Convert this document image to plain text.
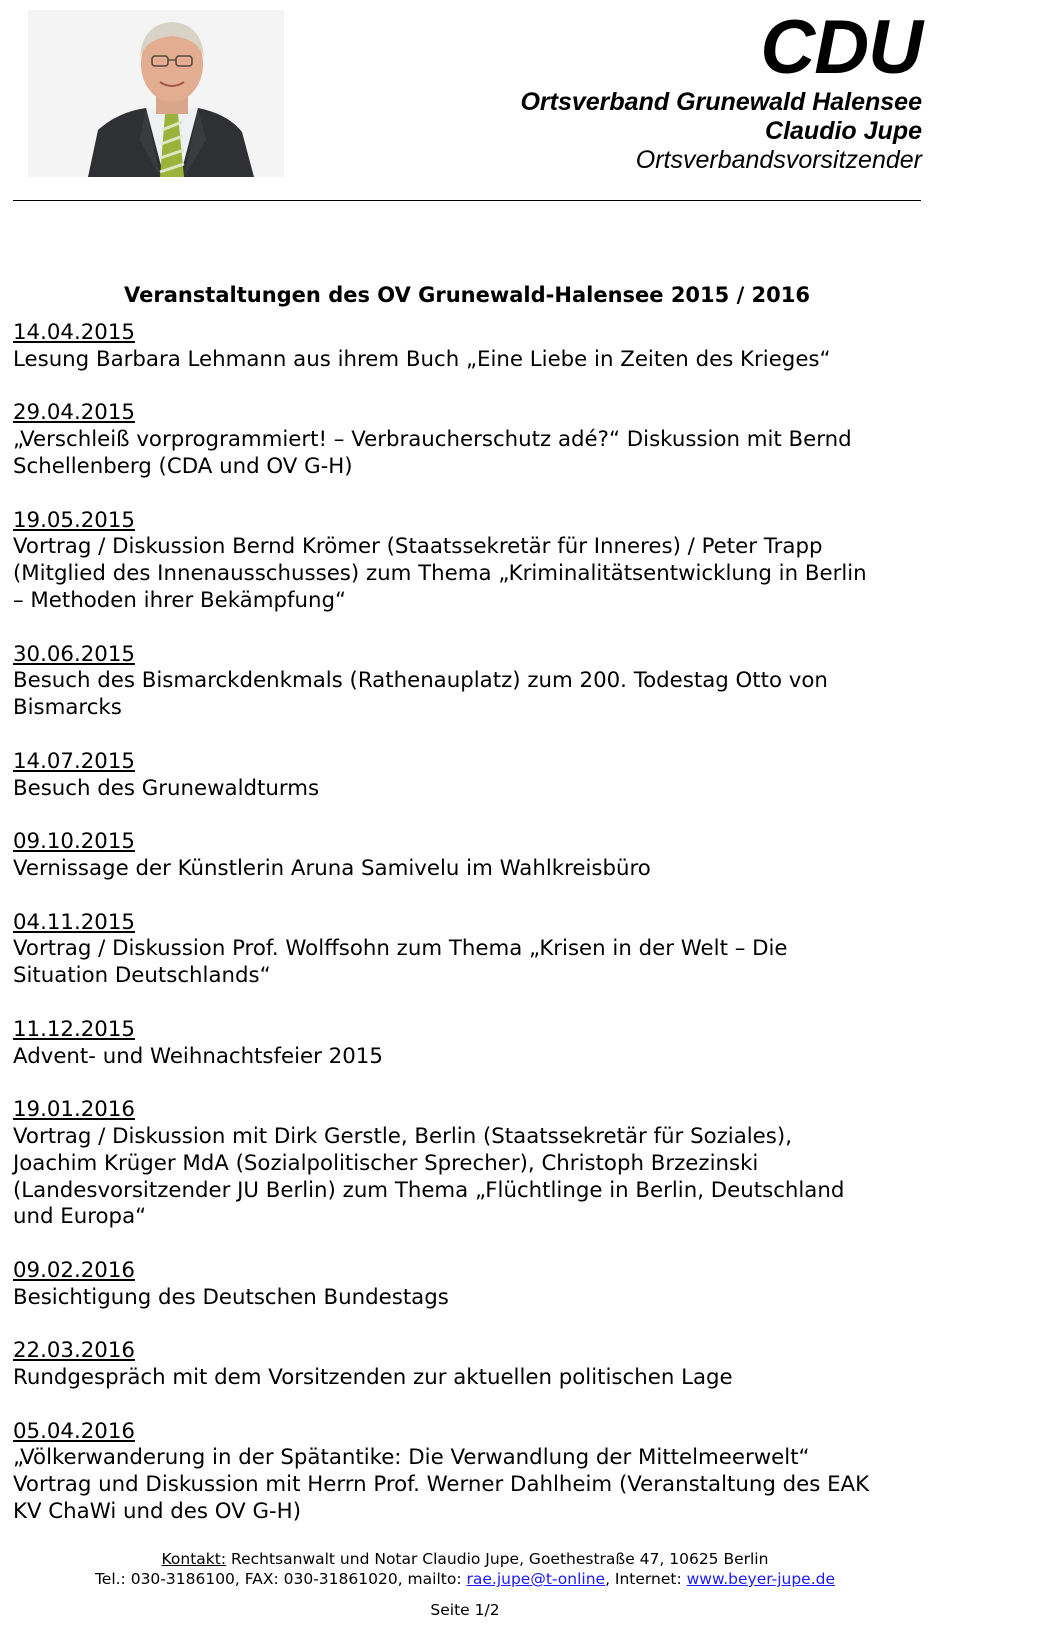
CDU
Ortsverband Grunewald Halensee
Claudio Jupe
Ortsverbandsvorsitzender
Veranstaltungen des OV Grunewald-Halensee 2015 / 2016
14.04.2015
Lesung Barbara Lehmann aus ihrem Buch „Eine Liebe in Zeiten des Krieges“
29.04.2015
„Verschleiß vorprogrammiert! – Verbraucherschutz adé?“ Diskussion mit Bernd
Schellenberg (CDA und OV G-H)
19.05.2015
Vortrag / Diskussion Bernd Krömer (Staatssekretär für Inneres) / Peter Trapp
(Mitglied des Innenausschusses) zum Thema „Kriminalitätsentwicklung in Berlin
– Methoden ihrer Bekämpfung“
30.06.2015
Besuch des Bismarckdenkmals (Rathenauplatz) zum 200. Todestag Otto von
Bismarcks
14.07.2015
Besuch des Grunewaldturms
09.10.2015
Vernissage der Künstlerin Aruna Samivelu im Wahlkreisbüro
04.11.2015
Vortrag / Diskussion Prof. Wolffsohn zum Thema „Krisen in der Welt – Die
Situation Deutschlands“
11.12.2015
Advent- und Weihnachtsfeier 2015
19.01.2016
Vortrag / Diskussion mit Dirk Gerstle, Berlin (Staatssekretär für Soziales),
Joachim Krüger MdA (Sozialpolitischer Sprecher), Christoph Brzezinski
(Landesvorsitzender JU Berlin) zum Thema „Flüchtlinge in Berlin, Deutschland
und Europa“
09.02.2016
Besichtigung des Deutschen Bundestags
22.03.2016
Rundgespräch mit dem Vorsitzenden zur aktuellen politischen Lage
05.04.2016
„Völkerwanderung in der Spätantike: Die Verwandlung der Mittelmeerwelt“
Vortrag und Diskussion mit Herrn Prof. Werner Dahlheim (Veranstaltung des EAK
KV ChaWi und des OV G-H)
Kontakt: Rechtsanwalt und Notar Claudio Jupe, Goethestraße 47, 10625 Berlin
Tel.: 030-3186100, FAX: 030-31861020, mailto: rae.jupe@t-online, Internet: www.beyer-jupe.de
Seite 1/2
